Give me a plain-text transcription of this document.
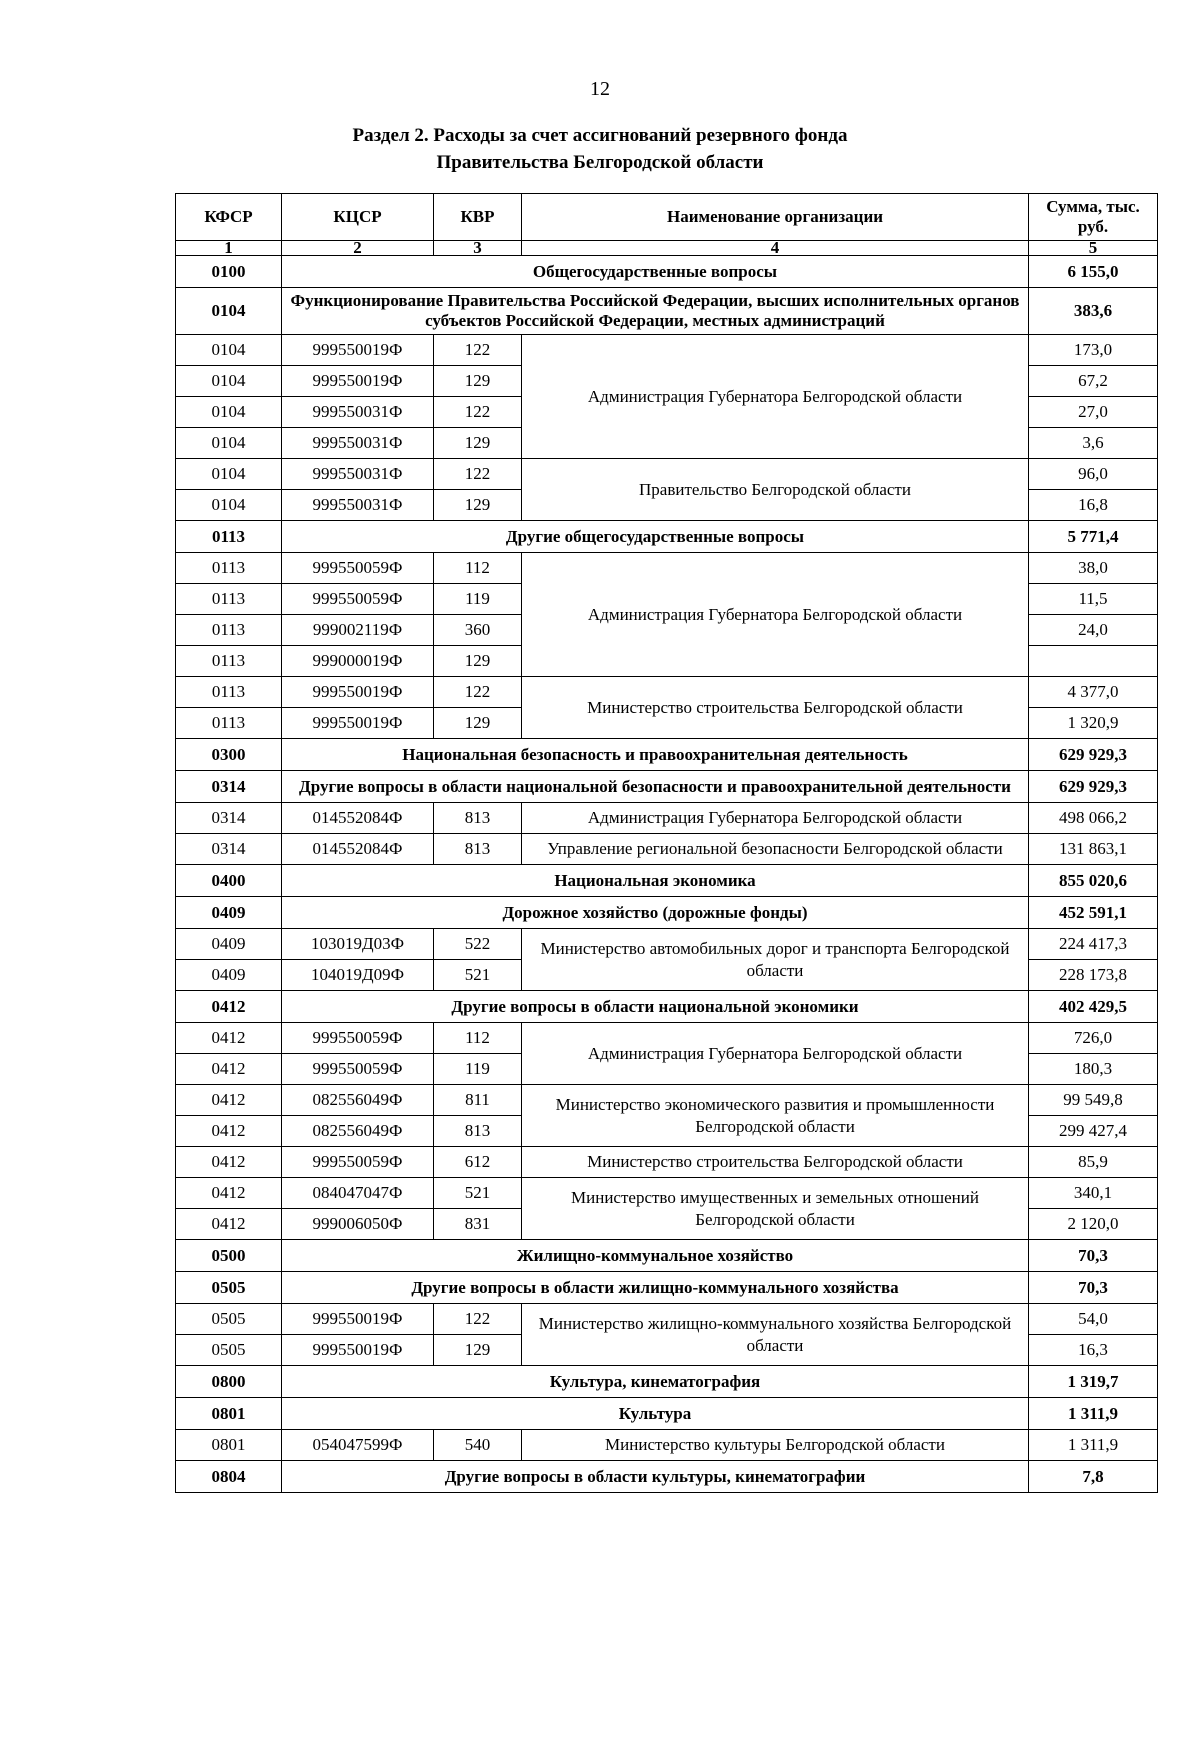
12
Раздел 2. Расходы за счет ассигнований резервного фонда
Правительства Белгородской области
КФСР	КЦСР	КВР	Наименование организации	Сумма, тыс. руб.
1	2	3	4	5
0100	Общегосударственные вопросы			6 155,0
0104	Функционирование Правительства Российской Федерации, высших исполнительных органов субъектов Российской Федерации, местных администраций			383,6
0104	999550019Ф	122	Администрация Губернатора Белгородской области	173,0
0104	999550019Ф	129		67,2
0104	999550031Ф	122		27,0
0104	999550031Ф	129		3,6
0104	999550031Ф	122	Правительство Белгородской области	96,0
0104	999550031Ф	129		16,8
0113	Другие общегосударственные вопросы			5 771,4
0113	999550059Ф	112	Администрация Губернатора Белгородской области	38,0
0113	999550059Ф	119		11,5
0113	999002119Ф	360		24,0
0113	999000019Ф	129		
0113	999550019Ф	122	Министерство строительства Белгородской области	4 377,0
0113	999550019Ф	129		1 320,9
0300	Национальная безопасность и правоохранительная деятельность			629 929,3
0314	Другие вопросы в области национальной безопасности и правоохранительной деятельности			629 929,3
0314	014552084Ф	813	Администрация Губернатора Белгородской области	498 066,2
0314	014552084Ф	813	Управление региональной безопасности Белгородской области	131 863,1
0400	Национальная экономика			855 020,6
0409	Дорожное хозяйство (дорожные фонды)			452 591,1
0409	103019Д03Ф	522	Министерство автомобильных дорог и транспорта Белгородской области	224 417,3
0409	104019Д09Ф	521		228 173,8
0412	Другие вопросы в области национальной экономики			402 429,5
0412	999550059Ф	112	Администрация Губернатора Белгородской области	726,0
0412	999550059Ф	119		180,3
0412	082556049Ф	811	Министерство экономического развития и промышленности Белгородской области	99 549,8
0412	082556049Ф	813		299 427,4
0412	999550059Ф	612	Министерство строительства Белгородской области	85,9
0412	084047047Ф	521	Министерство имущественных и земельных отношений Белгородской области	340,1
0412	999006050Ф	831		2 120,0
0500	Жилищно-коммунальное хозяйство			70,3
0505	Другие вопросы в области жилищно-коммунального хозяйства			70,3
0505	999550019Ф	122	Министерство жилищно-коммунального хозяйства Белгородской области	54,0
0505	999550019Ф	129		16,3
0800	Культура, кинематография			1 319,7
0801	Культура			1 311,9
0801	054047599Ф	540	Министерство культуры Белгородской области	1 311,9
0804	Другие вопросы в области культуры, кинематографии			7,8
